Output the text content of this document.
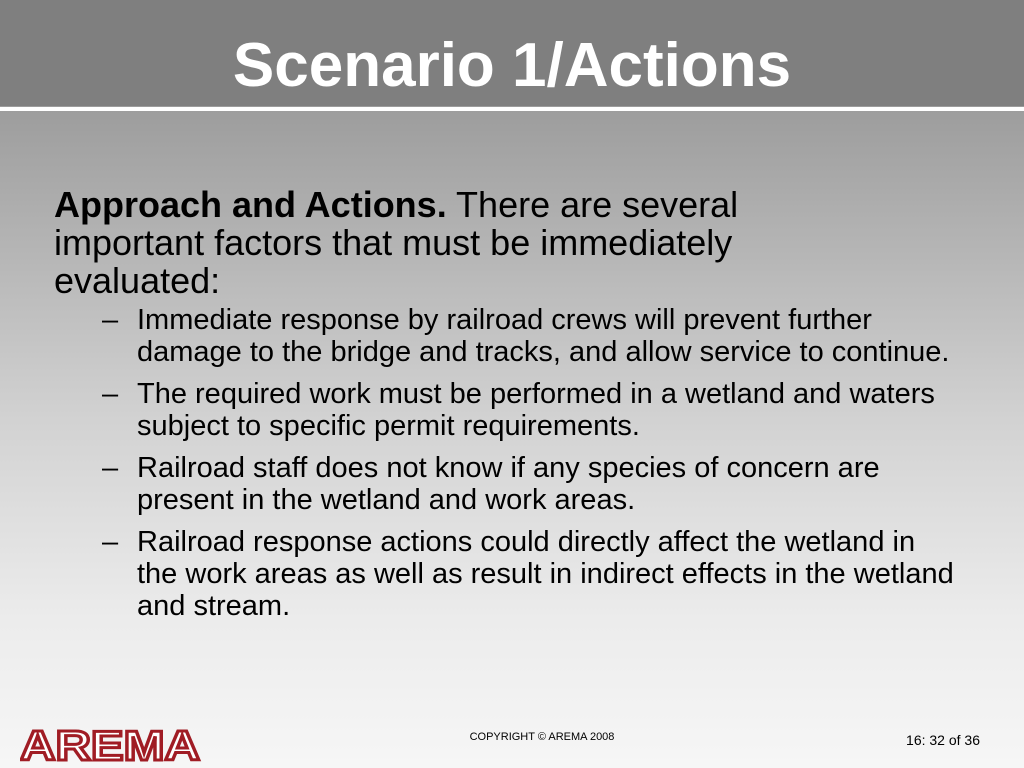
Scenario 1/Actions

Approach and Actions. There are several important factors that must be immediately evaluated:

– Immediate response by railroad crews will prevent further damage to the bridge and tracks, and allow service to continue.
– The required work must be performed in a wetland and waters subject to specific permit requirements.
– Railroad staff does not know if any species of concern are present in the wetland and work areas.
– Railroad response actions could directly affect the wetland in the work areas as well as result in indirect effects in the wetland and stream.
AREMA	COPYRIGHT © AREMA 2008	16: 32 of 36
